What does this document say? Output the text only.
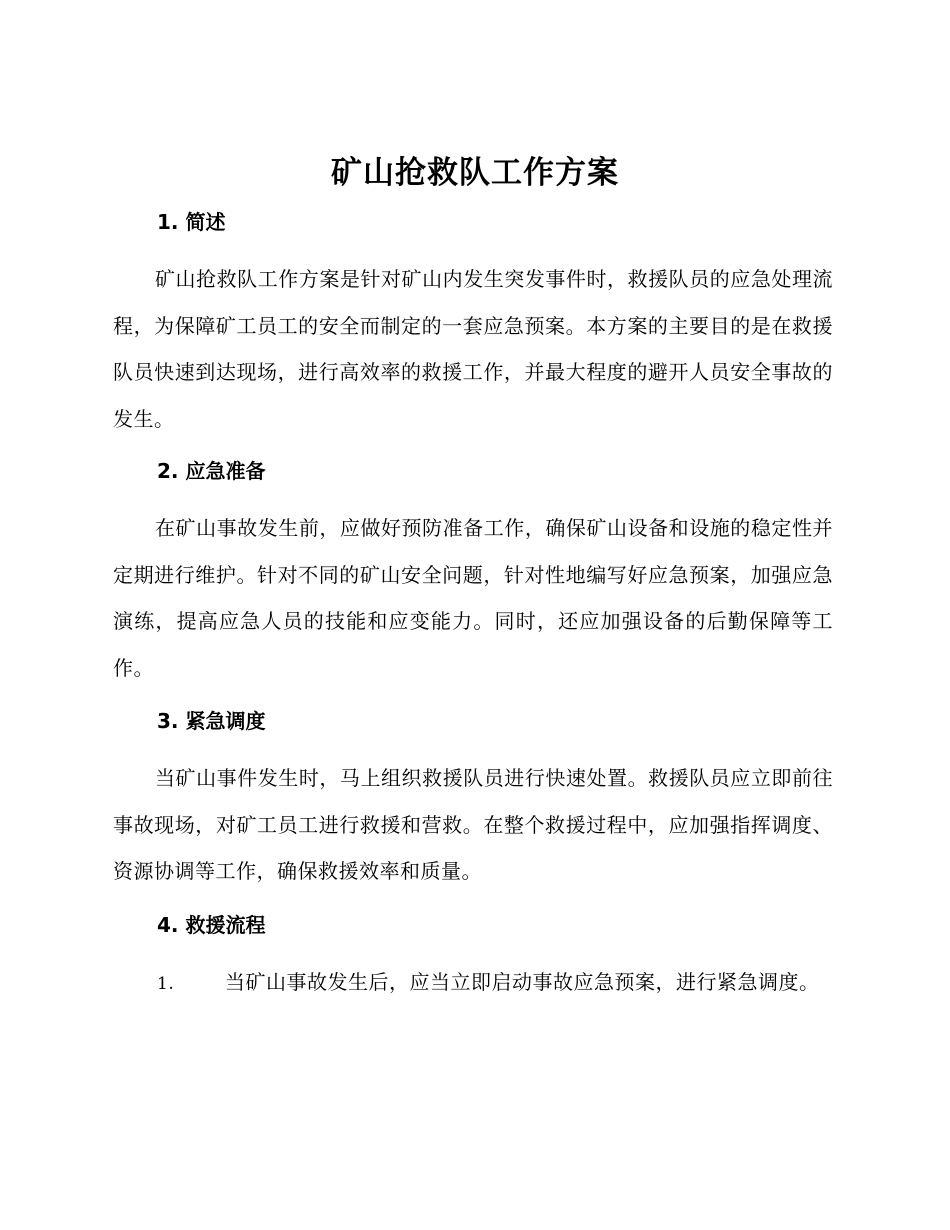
矿山抢救队工作方案
1. 简述
矿山抢救队工作方案是针对矿山内发生突发事件时，救援队员的应急处理流程，为保障矿工员工的安全而制定的一套应急预案。本方案的主要目的是在救援队员快速到达现场，进行高效率的救援工作，并最大程度的避开人员安全事故的发生。
2. 应急准备
在矿山事故发生前，应做好预防准备工作，确保矿山设备和设施的稳定性并定期进行维护。针对不同的矿山安全问题，针对性地编写好应急预案，加强应急演练，提高应急人员的技能和应变能力。同时，还应加强设备的后勤保障等工作。
3. 紧急调度
当矿山事件发生时，马上组织救援队员进行快速处置。救援队员应立即前往事故现场，对矿工员工进行救援和营救。在整个救援过程中，应加强指挥调度、资源协调等工作，确保救援效率和质量。
4. 救援流程
1.	当矿山事故发生后，应当立即启动事故应急预案，进行紧急调度。
